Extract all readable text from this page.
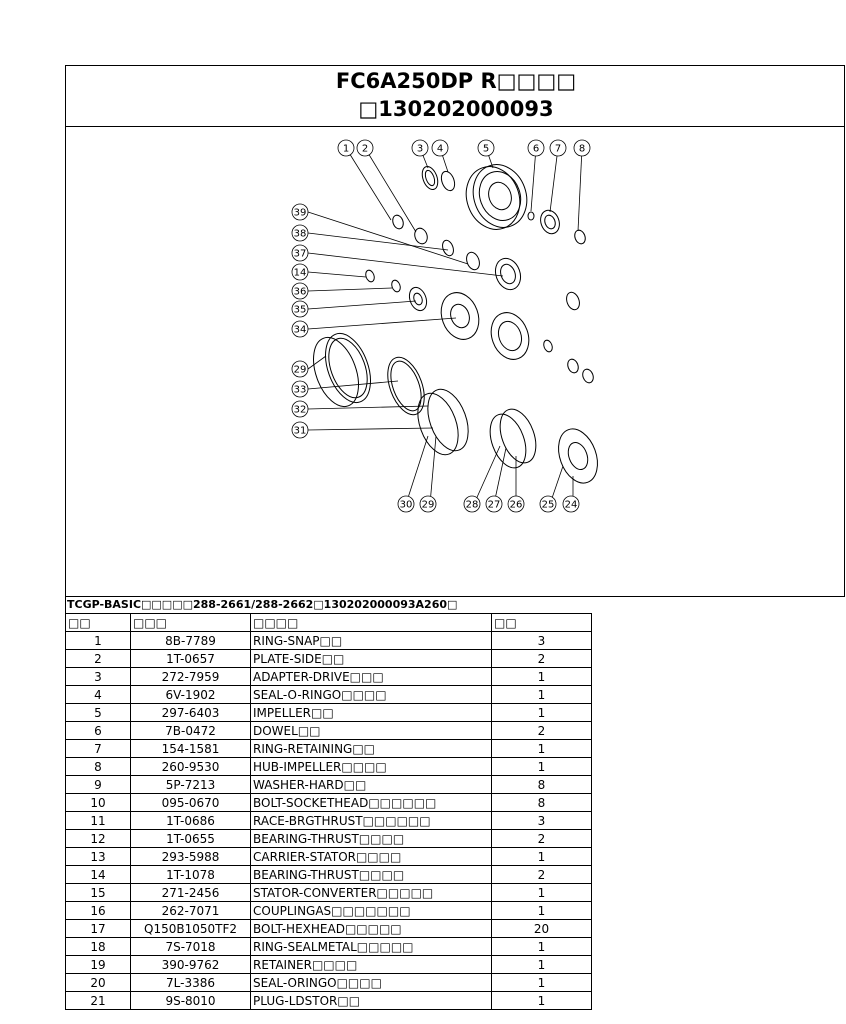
FC6A250DP R□□□□
□130202000093
1 2	3 4	5	6 7 8
39
38
37
14
36
35
34
29
33
32
31
30 29	28 27 26 25 24
TCGP-BASIC□□□□□288-2661/288-2662□130202000093A260□
□□	□□□	□□□□	□□
1	8B-7789	RING-SNAP□□	3
2	1T-0657	PLATE-SIDE□□	2
3	272-7959	ADAPTER-DRIVE□□□	1
4	6V-1902	SEAL-O-RINGO□□□□	1
5	297-6403	IMPELLER□□	1
6	7B-0472	DOWEL□□	2
7	154-1581	RING-RETAINING□□	1
8	260-9530	HUB-IMPELLER□□□□	1
9	5P-7213	WASHER-HARD□□	8
10	095-0670	BOLT-SOCKETHEAD□□□□□□	8
11	1T-0686	RACE-BRGTHRUST□□□□□□	3
12	1T-0655	BEARING-THRUST□□□□	2
13	293-5988	CARRIER-STATOR□□□□	1
14	1T-1078	BEARING-THRUST□□□□	2
15	271-2456	STATOR-CONVERTER□□□□□	1
16	262-7071	COUPLINGAS□□□□□□□	1
17	Q150B1050TF2	BOLT-HEXHEAD□□□□□	20
18	7S-7018	RING-SEALMETAL□□□□□	1
19	390-9762	RETAINER□□□□	1
20	7L-3386	SEAL-ORINGO□□□□	1
21	9S-8010	PLUG-LDSTOR□□	1
